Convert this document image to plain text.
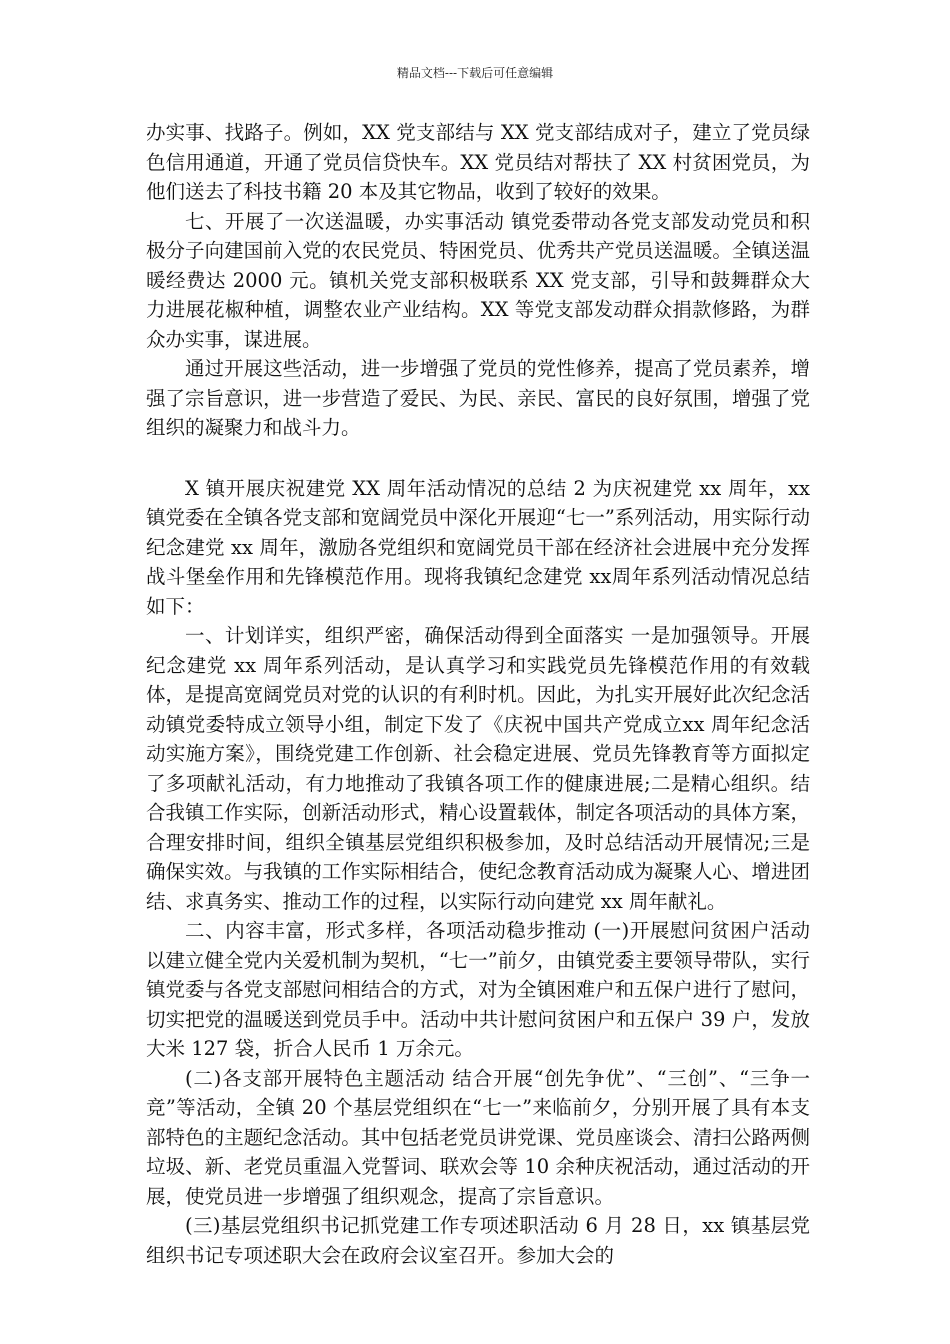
精品文档---下载后可任意编辑

办实事、找路子。例如，XX 党支部结与 XX 党支部结成对子，建立了党员绿色信用通道，开通了党员信贷快车。XX 党员结对帮扶了 XX 村贫困党员，为他们送去了科技书籍 20 本及其它物品，收到了较好的效果。

七、开展了一次送温暖，办实事活动 镇党委带动各党支部发动党员和积极分子向建国前入党的农民党员、特困党员、优秀共产党员送温暖。全镇送温暖经费达 2000 元。镇机关党支部积极联系 XX 党支部，引导和鼓舞群众大力进展花椒种植，调整农业产业结构。XX 等党支部发动群众捐款修路，为群众办实事，谋进展。

通过开展这些活动，进一步增强了党员的党性修养，提高了党员素养，增强了宗旨意识，进一步营造了爱民、为民、亲民、富民的良好氛围，增强了党组织的凝聚力和战斗力。

X 镇开展庆祝建党 XX 周年活动情况的总结 2 为庆祝建党 xx 周年，xx 镇党委在全镇各党支部和宽阔党员中深化开展迎“七一”系列活动，用实际行动纪念建党 xx 周年，激励各党组织和宽阔党员干部在经济社会进展中充分发挥战斗堡垒作用和先锋模范作用。现将我镇纪念建党 xx周年系列活动情况总结如下：

一、计划详实，组织严密，确保活动得到全面落实 一是加强领导。开展纪念建党 xx 周年系列活动，是认真学习和实践党员先锋模范作用的有效载体，是提高宽阔党员对党的认识的有利时机。因此，为扎实开展好此次纪念活动镇党委特成立领导小组，制定下发了《庆祝中国共产党成立xx 周年纪念活动实施方案》，围绕党建工作创新、社会稳定进展、党员先锋教育等方面拟定了多项献礼活动，有力地推动了我镇各项工作的健康进展;二是精心组织。结合我镇工作实际，创新活动形式，精心设置载体，制定各项活动的具体方案，合理安排时间，组织全镇基层党组织积极参加，及时总结活动开展情况;三是确保实效。与我镇的工作实际相结合，使纪念教育活动成为凝聚人心、增进团结、求真务实、推动工作的过程，以实际行动向建党 xx 周年献礼。

二、内容丰富，形式多样，各项活动稳步推动 (一)开展慰问贫困户活动 以建立健全党内关爱机制为契机，“七一”前夕，由镇党委主要领导带队，实行镇党委与各党支部慰问相结合的方式，对为全镇困难户和五保户进行了慰问，切实把党的温暖送到党员手中。活动中共计慰问贫困户和五保户 39 户，发放大米 127 袋，折合人民币 1 万余元。

(二)各支部开展特色主题活动 结合开展“创先争优”、“三创”、“三争一竞”等活动，全镇 20 个基层党组织在“七一”来临前夕，分别开展了具有本支部特色的主题纪念活动。其中包括老党员讲党课、党员座谈会、清扫公路两侧垃圾、新、老党员重温入党誓词、联欢会等 10 余种庆祝活动，通过活动的开展，使党员进一步增强了组织观念，提高了宗旨意识。

(三)基层党组织书记抓党建工作专项述职活动 6 月 28 日，xx 镇基层党组织书记专项述职大会在政府会议室召开。参加大会的
